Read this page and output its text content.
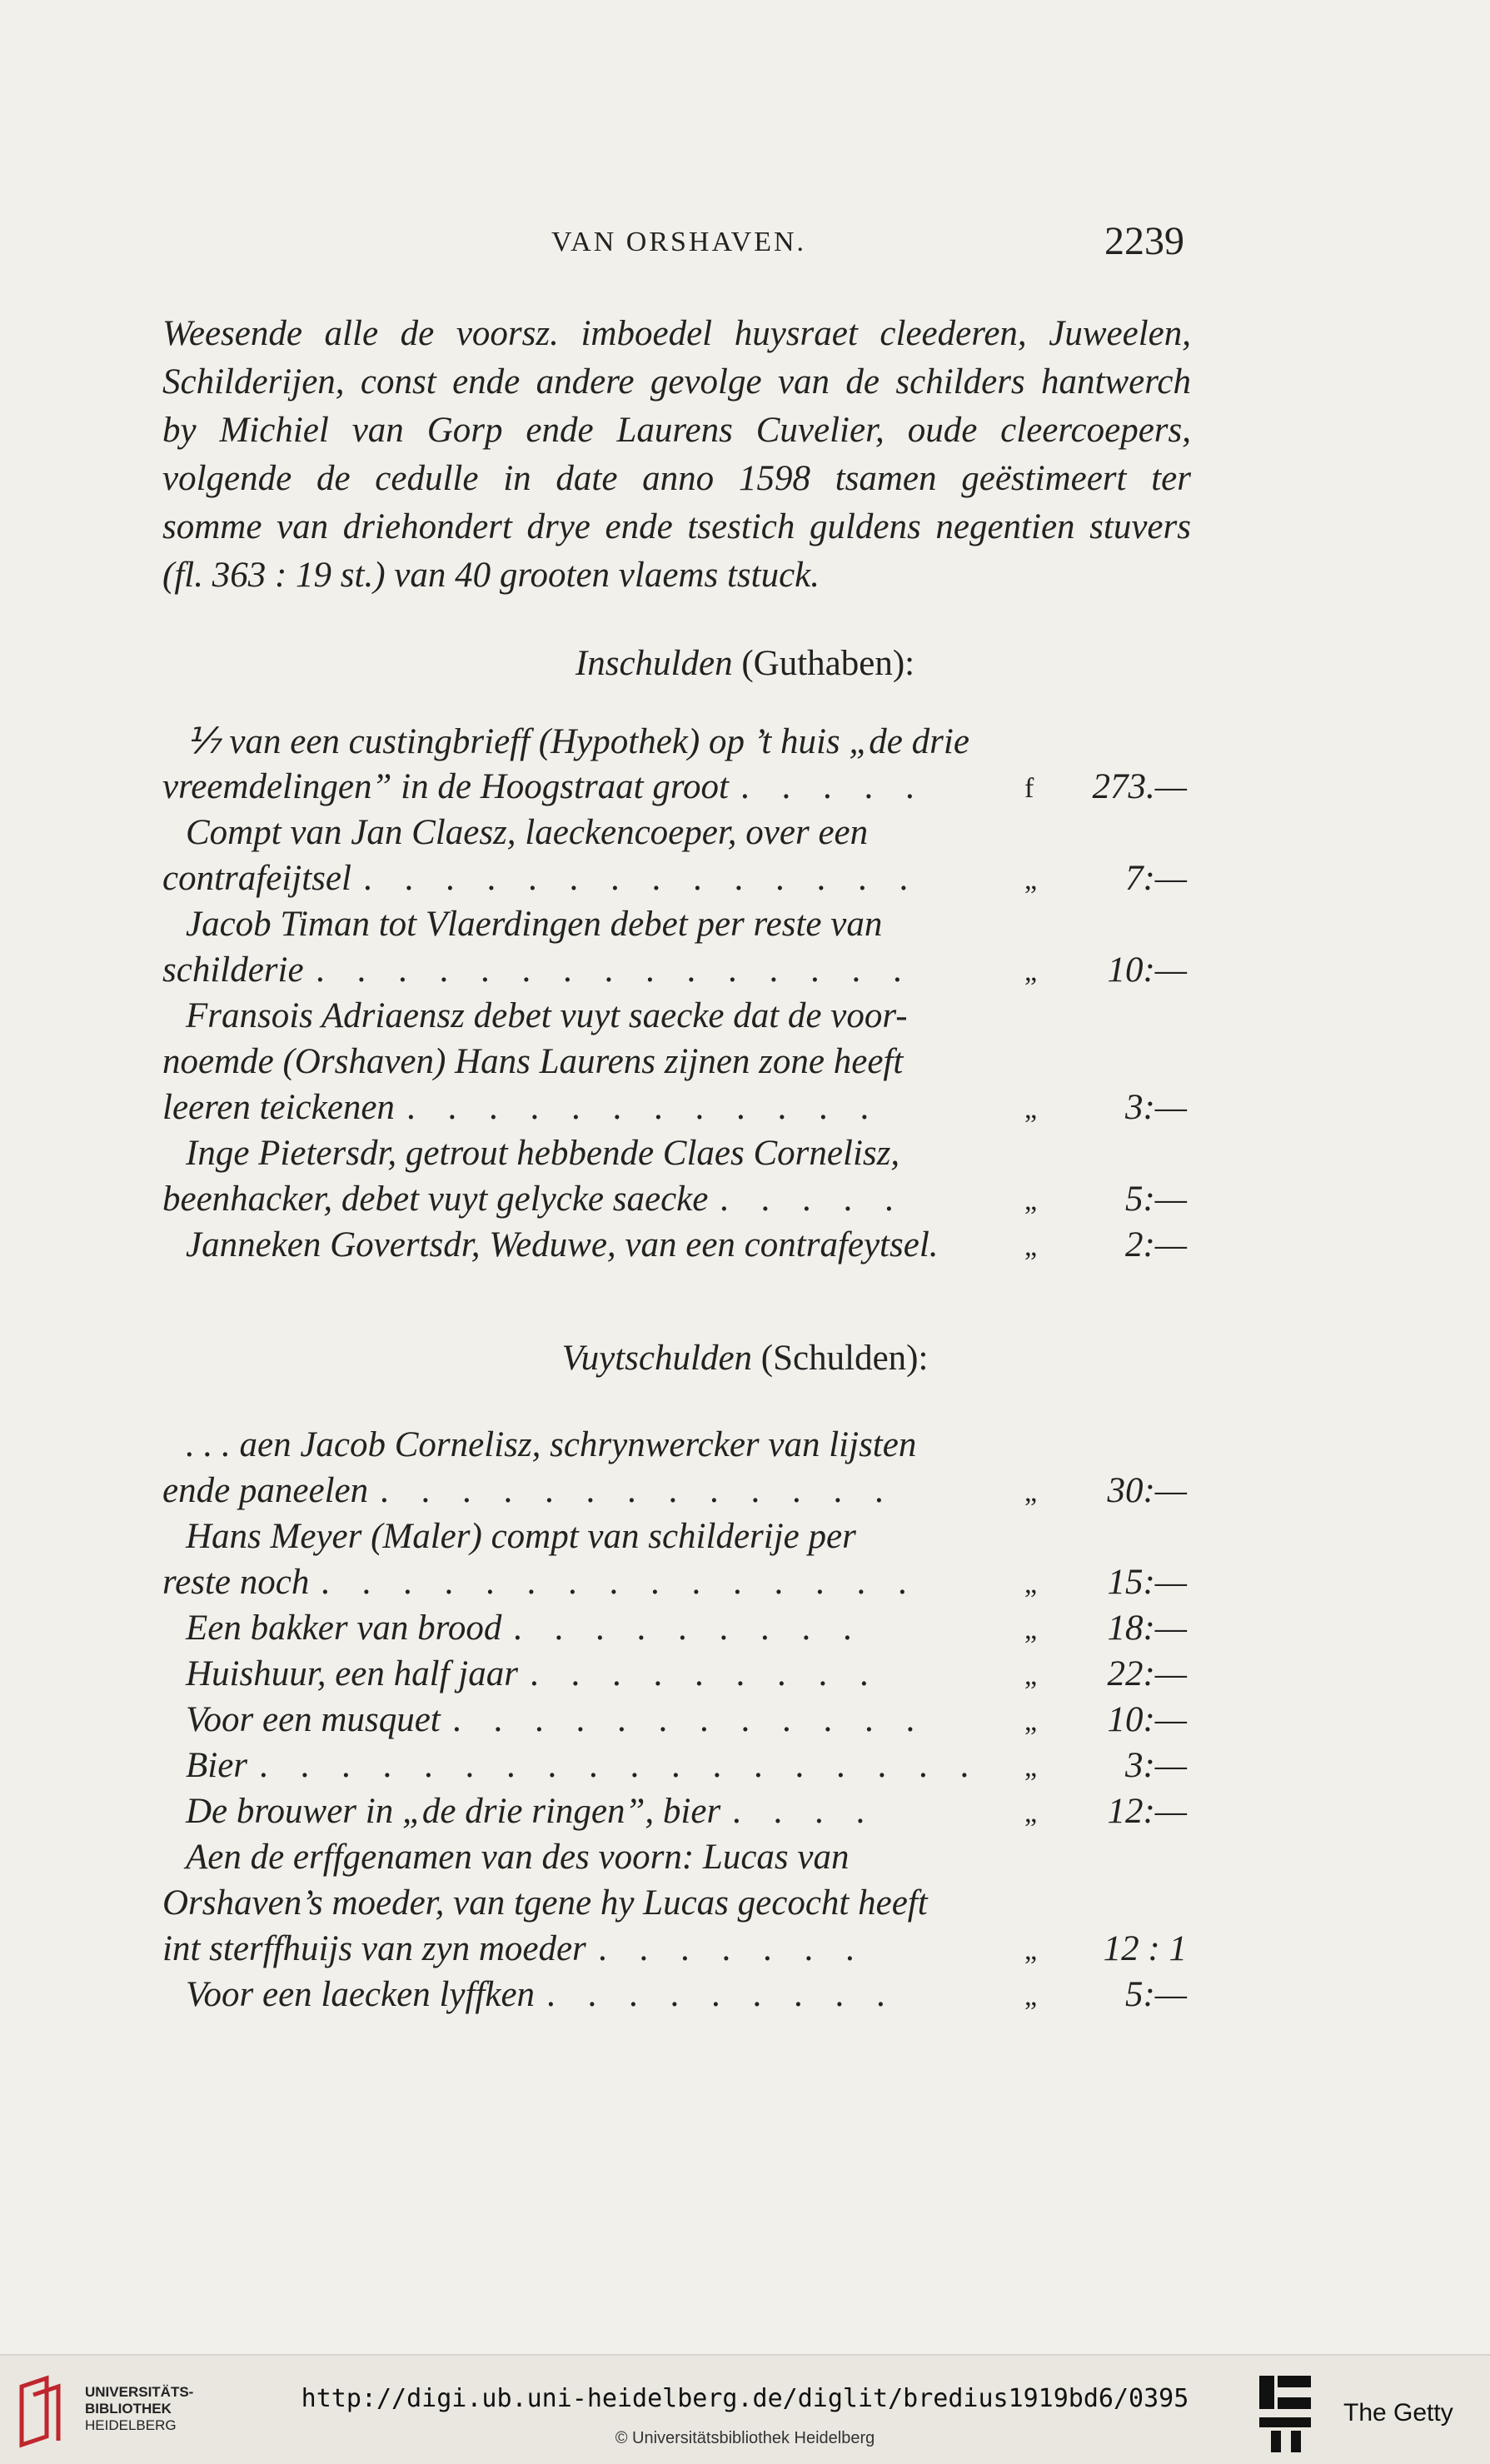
VAN ORSHAVEN.	2239
Weesende alle de voorsz. imboedel huysraet cleederen, Juweelen,
Schilderijen, const ende andere gevolge van de schilders hantwerch
by Michiel van Gorp ende Laurens Cuvelier, oude cleercoepers,
volgende de cedulle in date anno 1598 tsamen geëstimeert ter
somme van driehondert drye ende tsestich guldens negentien stuvers
(fl. 363 : 19 st.) van 40 grooten vlaems tstuck.
Inschulden (Guthaben):
⅐ van een custingbrieff (Hypothek) op ’t huis „de drie
vreemdelingen” in de Hoogstraat groot . . . . .	f 273.—
Compt van Jan Claesz, laeckencoeper, over een
contrafeijtsel . . . . . . . . . . . . . .	„ 7:—
Jacob Timan tot Vlaerdingen debet per reste van
schilderie . . . . . . . . . . . . . . .	„ 10:—
Fransois Adriaensz debet vuyt saecke dat de voor-
noemde (Orshaven) Hans Laurens zijnen zone heeft
leeren teickenen . . . . . . . . . . . .	„ 3:—
Inge Pietersdr, getrout hebbende Claes Cornelisz,
beenhacker, debet vuyt gelycke saecke . . . . .	„ 5:—
Janneken Govertsdr, Weduwe, van een contrafeytsel.	„ 2:—
Vuytschulden (Schulden):
. . . aen Jacob Cornelisz, schrynwercker van lijsten
ende paneelen . . . . . . . . . . . . .	„ 30:—
Hans Meyer (Maler) compt van schilderije per
reste noch . . . . . . . . . . . . . . .	„ 15:—
Een bakker van brood . . . . . . . . .	„ 18:—
Huishuur, een half jaar . . . . . . . . .	„ 22:—
Voor een musquet . . . . . . . . . . . .	„ 10:—
Bier . . . . . . . . . . . . . . . . . . „ 3:—
De brouwer in „de drie ringen”, bier . . . .	„ 12:—
Aen de erffgenamen van des voorn: Lucas van
Orshaven’s moeder, van tgene hy Lucas gecocht heeft
int sterffhuijs van zyn moeder . . . . . . .	„ 12 : 1
Voor een laecken lyffken . . . . . . . . .	„ 5:—
UNIVERSITÄTS-
BIBLIOTHEK
HEIDELBERG
http://digi.ub.uni-heidelberg.de/diglit/bredius1919bd6/0395
© Universitätsbibliothek Heidelberg
The Getty
